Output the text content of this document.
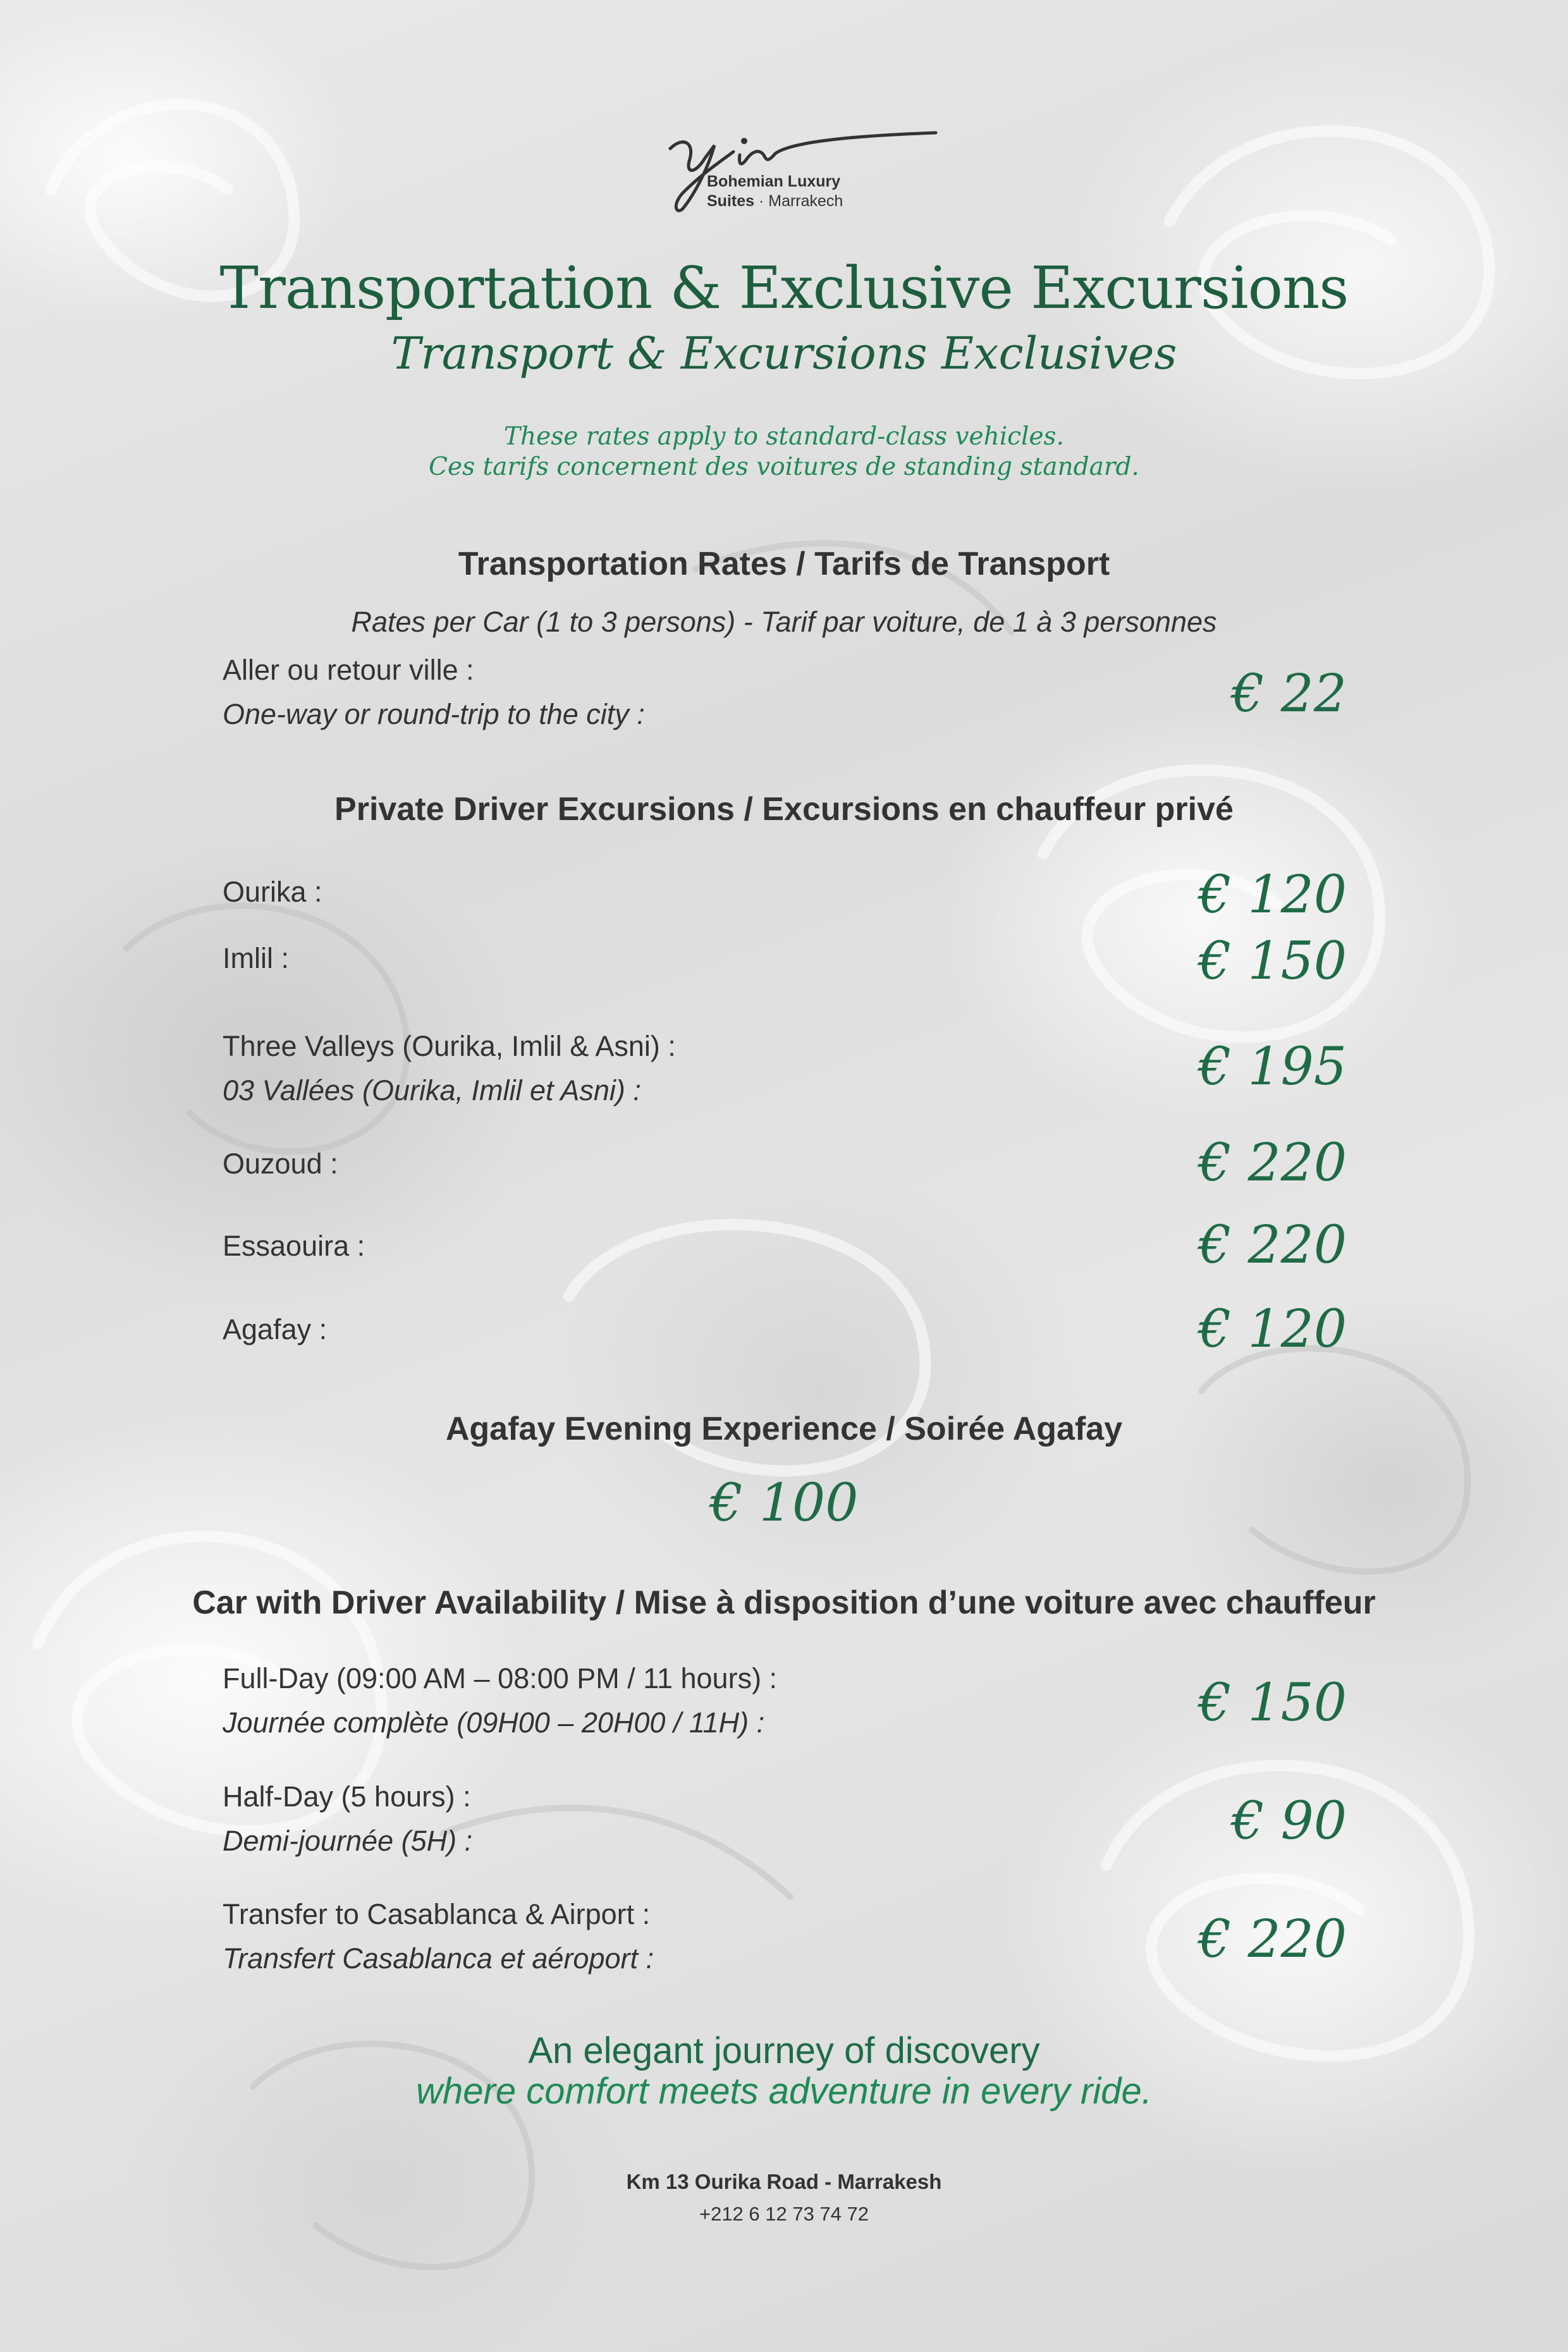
Bohemian Luxury
Suites · Marrakech
Transportation & Exclusive Excursions
Transport & Excursions Exclusives
These rates apply to standard-class vehicles.
Ces tarifs concernent des voitures de standing standard.
Transportation Rates / Tarifs de Transport
Rates per Car (1 to 3 persons) - Tarif par voiture, de 1 à 3 personnes
Aller ou retour ville :
One-way or round-trip to the city :	€ 22
Private Driver Excursions / Excursions en chauffeur privé
Ourika :	€ 120
Imlil :	€ 150
Three Valleys (Ourika, Imlil & Asni) :
03 Vallées (Ourika, Imlil et Asni) :	€ 195
Ouzoud :	€ 220
Essaouira :	€ 220
Agafay :	€ 120
Agafay Evening Experience / Soirée Agafay
€ 100
Car with Driver Availability / Mise à disposition d’une voiture avec chauffeur
Full-Day (09:00 AM – 08:00 PM / 11 hours) :
Journée complète (09H00 – 20H00 / 11H) :	€ 150
Half-Day (5 hours) :
Demi-journée (5H) :	€ 90
Transfer to Casablanca & Airport :
Transfert Casablanca et aéroport :	€ 220
An elegant journey of discovery
where comfort meets adventure in every ride.
Km 13 Ourika Road - Marrakesh
+212 6 12 73 74 72
